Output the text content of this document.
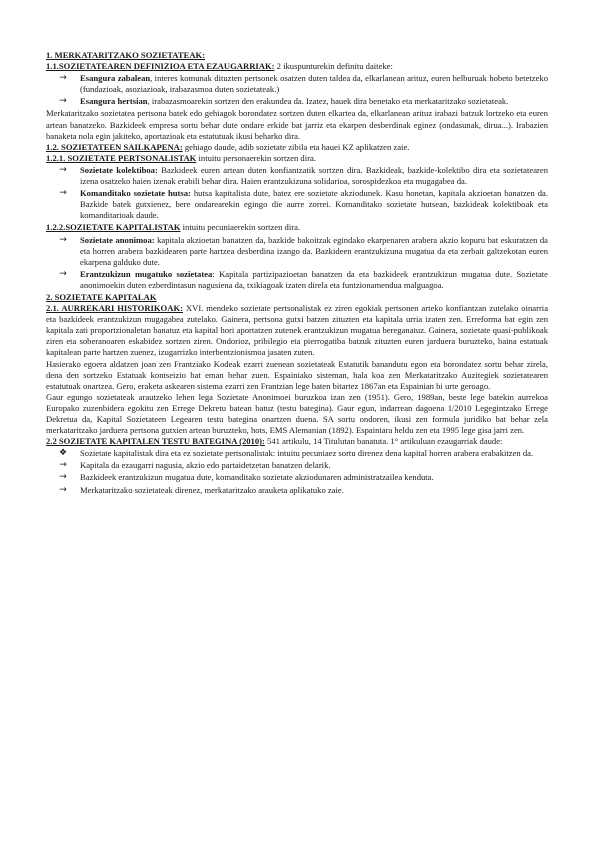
1. MERKATARITZAKO SOZIETATEAK:

1.1.SOZIETATEAREN DEFINIZIOA ETA EZAUGARRIAK: 2 ikuspunturekin definitu daiteke:

→	Esangura zabalean, interes komunak dituzten pertsonek osatzen duten taldea da, elkarlanean arituz, euren helburuak hobeto betetzeko (fundazioak, asoziazioak, irabazasmoa duten sozietateak.)
→	Esangura hertsian, irabazasmoarekin sortzen den erakundea da. Izatez, hauek dira benetako eta merkataritzako sozietateak.

Merkataritzako sozietatea pertsona batek edo gehiagok borondatez sortzen duten elkartea da, elkarlanean arituz irabazi batzuk lortzeko eta euren artean banatzeko. Bazkideek empresa sortu behar dute ondare erkide bat jarriz eta ekarpen desberdinak eginez (ondasunak, dirua...). Irabazien banaketa nola egin jakiteko, aportazioak eta estatutuak ikusi beharko dira.

1.2. SOZIETATEEN SAILKAPENA: gehiago daude, adib sozietate zibila eta hauei KZ aplikatzen zaie.

1.2.1. SOZIETATE PERTSONALISTAK intuitu personaerekin sortzen dira.

→	Sozietate kolektiboa: Bazkideek euren artean duten konfiantzatik sortzen dira. Bazkideak, bazkide-kolektibo dira eta sozietatearen izena osatzeko haien izenak erabili behar dira. Haien erantzukizuna solidarioa, sorospidezkoa eta mugagabea da.
→	Komanditako sozietate hutsa: hutsa kapitalista dute, batez ere sozietate akziodunek. Kasu honetan, kapitala akzioetan banatzen da. Bazkide batek gutxienez, bere ondarearekin egingo die aurre zorrei. Komanditako sozietate hutsean, bazkideak kolektiboak eta komanditarioak daude.

1.2.2.SOZIETATE KAPITALISTAK intuitu pecuniaerekin sortzen dira.

→	Sozietate anonimoa: kapitala akzioetan banatzen da, bazkide bakoitzak egindako ekarpenaren arabera akzio kopuru bat eskuratzen da eta horren arabera bazkidearen parte hartzea desberdina izango da. Bazkideen erantzukizuna mugatua da eta zerbait galtzekotan euren ekarpena galduko dute.
→	Erantzukizun mugatuko sozietatea: Kapitala partizipazioetan banatzen da eta bazkideek erantzukizun mugatua dute. Sozietate anonimoekin duten ezberdintasun nagusiena da, txikiagoak izaten direla eta funtzionamendua malguagoa.

2. SOZIETATE KAPITALAK

2.1. AURREKARI HISTORIKOAK: XVI. mendeko sozietate pertsonalistak ez ziren egokiak pertsonen arteko konfiantzan zutelako oinarria eta bazkideek erantzukizun mugagabea zutelako. Gainera, pertsona gutxi batzen zituzten eta kapitala urria izaten zen. Erreforma bat egin zen kapitala zati proportzionaletan banatuz eta kapital hori aportatzen zutenek erantzukizun mugatua bereganatuz. Gainera, sozietate quasi-publikoak ziren eta soberanoaren eskabidez sortzen ziren. Ondorioz, pribilegio eta pierrogatiba batzuk zituzten euren jarduera buruzteko, baina estatuak kapitalean parte hartzen zuenez, izugarrizko interbentzionismoa jasaten zuten.

Hasierako egoera aldatzen joan zen Frantziako Kodeak ezarri zuenean sozietateak Estatutik banandutu egon eta borondatez sortu behar zirela, dena den sortzeko Estatuak kontseizio bat eman behar zuen. Espainiako sisteman, hala koa zen Merkataritzako Auzitegiek sozietatearen estatutuak onartzea. Gero, eraketa askearen sistema ezarri zen Frantzian lege baten bitartez 1867an eta Espainian bi urte geroago.

Gaur egungo sozietateak arautzeko lehen lega Sozietate Anonimoei buruzkoa izan zen (1951). Gero, 1989an, beste lege batekin aurrekoa Europako zuzenbidera egokitu zen Errege Dekretu batean batuz (testu bategina). Gaur egun, indarrean dagoena 1/2010 Legegintzako Errege Dekretua da, Kapital Sozietateen Legearen testu bategina onartzen duena. SA sortu ondoren, ikusi zen formula juridiko bat behar zela merkataritzako jarduera pertsona gutxien artean buruzteko, hots, EMS Alemanian (1892). Espainiara heldu zen eta 1995 lege gisa jarri zen.

2.2 SOZIETATE KAPITALEN TESTU BATEGINA (2010): 541 artikulu, 14 Titulutan banatuta. 1° artikuluan ezaugarriak daude:

❖	Sozietate kapitalistak dira eta ez sozietate pertsonalistak: intuitu pecuniaez sortu direnez dena kapital horren arabera erabakitzen da.
→	Kapitala da ezaugarri nagusia, akzio edo partaidetzetan banatzen delarik.
→	Bazkideek erantzukizun mugatua dute, komanditako sozietate akziodunaren administratzailea kenduta.
→	Merkataritzako sozietateak direnez, merkataritzako arauketa aplikatuko zaie.
